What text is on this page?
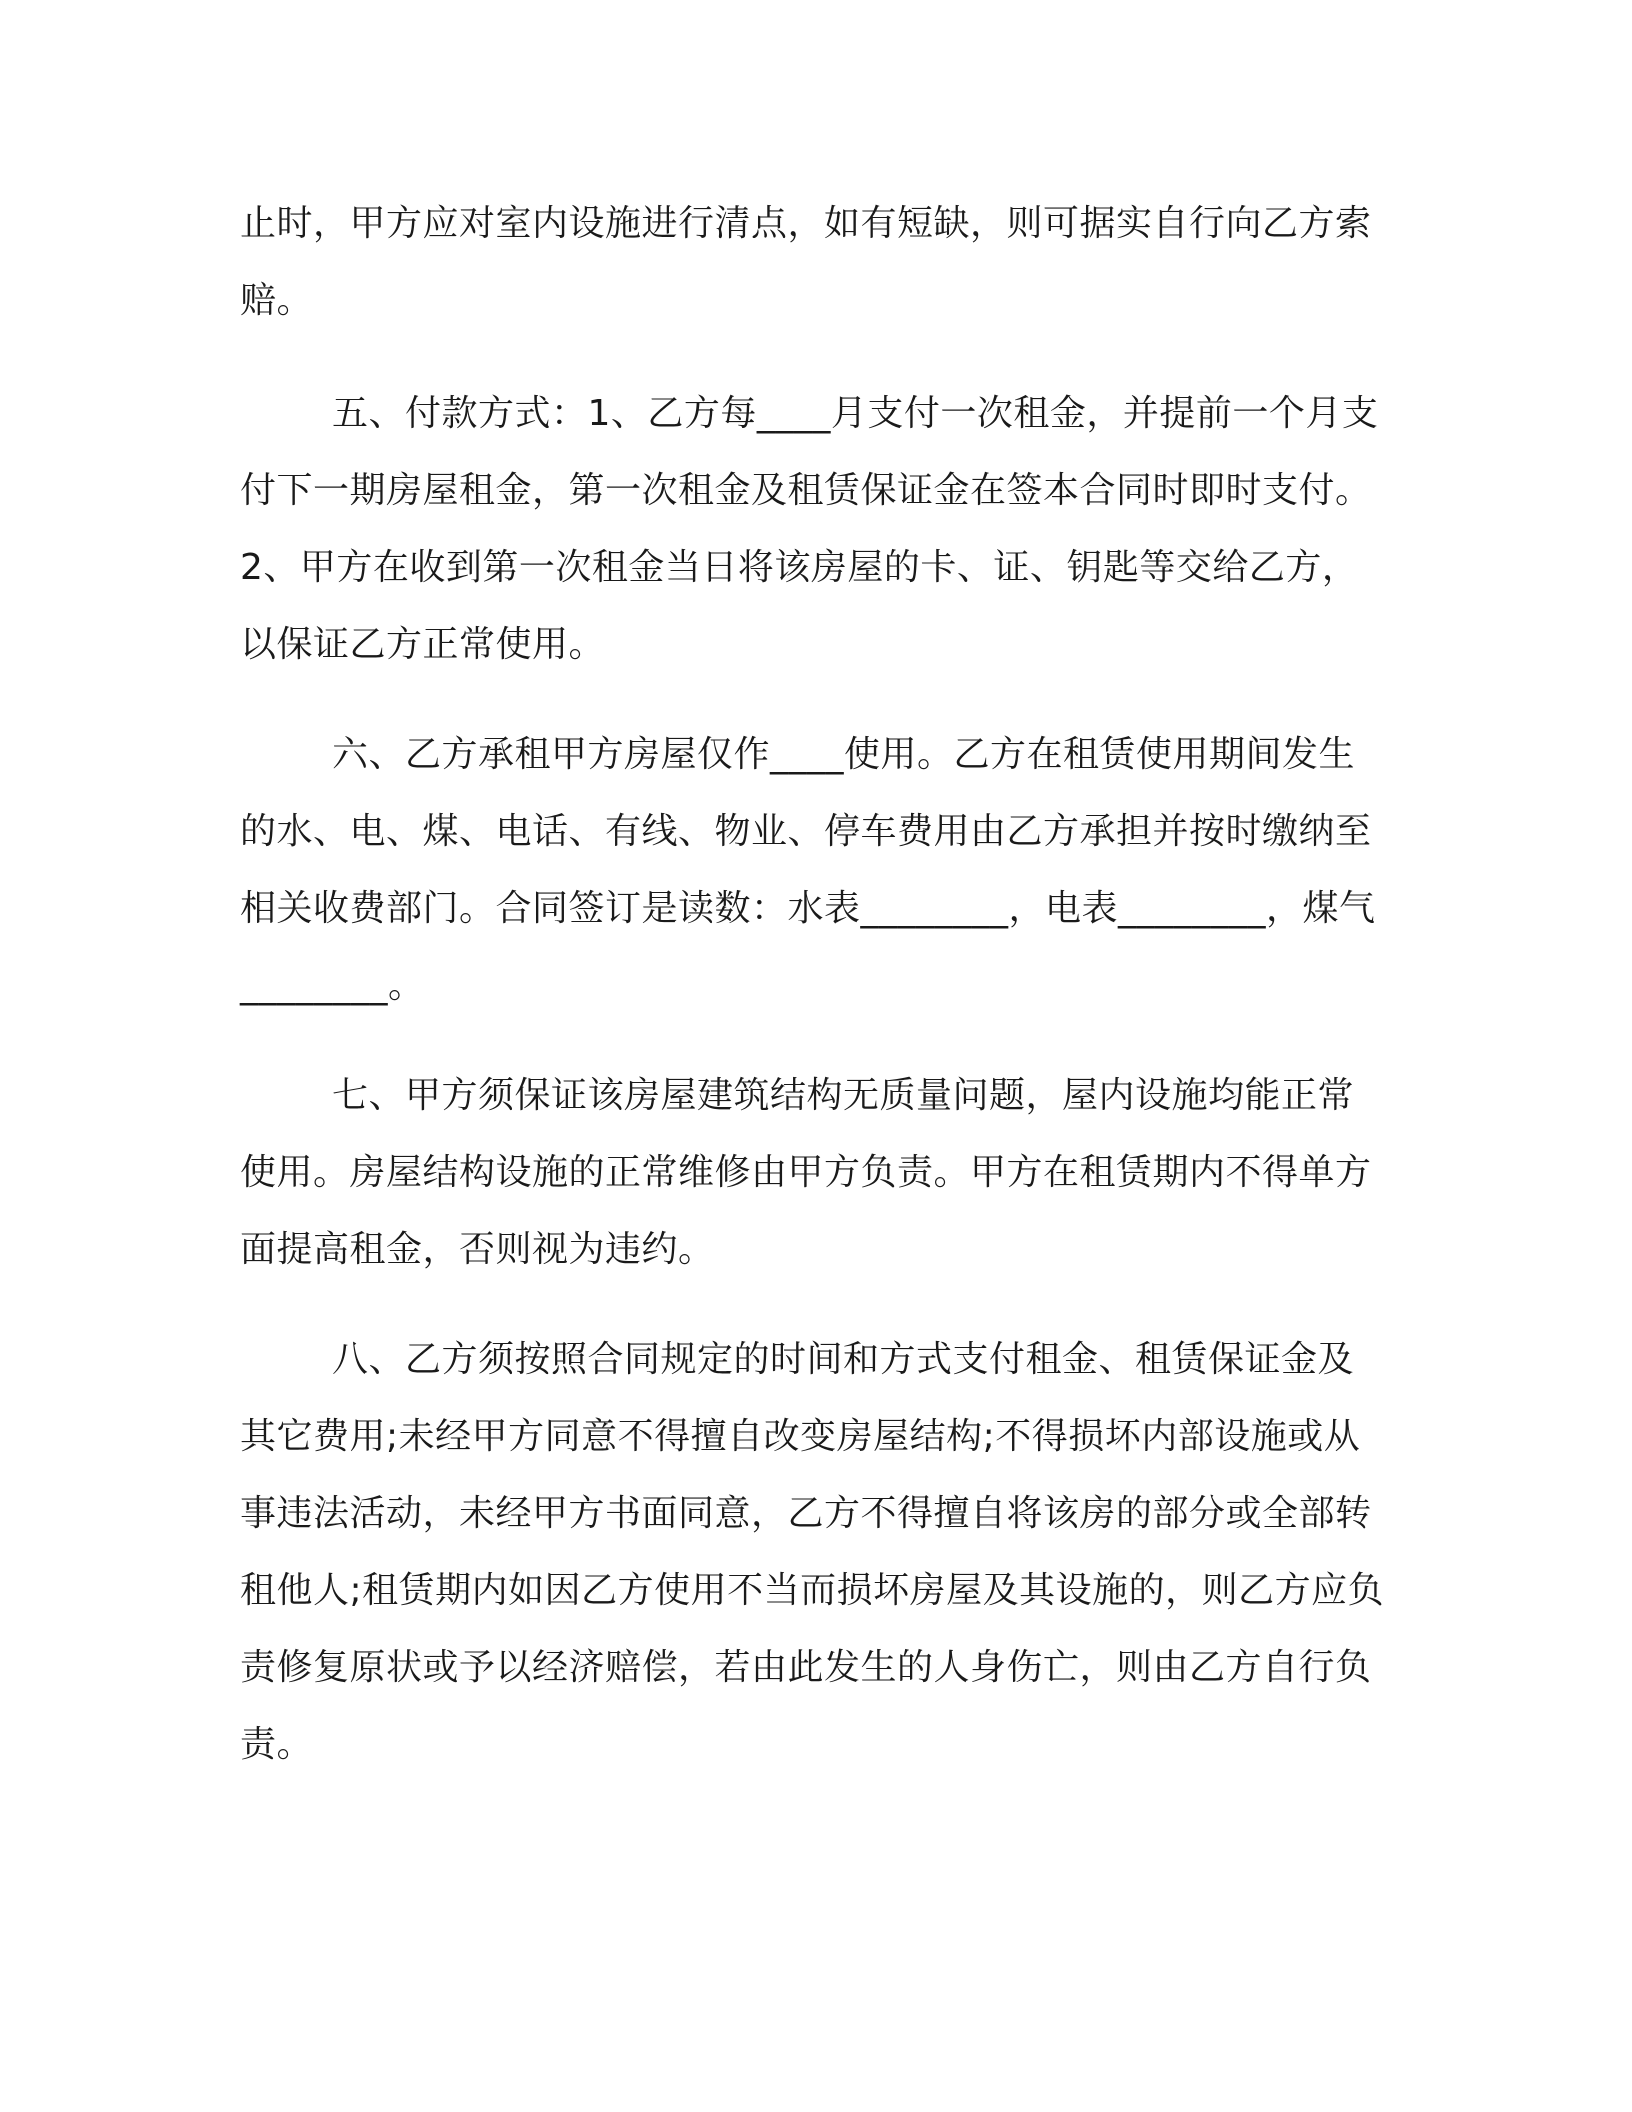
止时，甲方应对室内设施进行清点，如有短缺，则可据实自行向乙方索赔。

五、付款方式：1、乙方每____月支付一次租金，并提前一个月支付下一期房屋租金，第一次租金及租赁保证金在签本合同时即时支付。2、甲方在收到第一次租金当日将该房屋的卡、证、钥匙等交给乙方，以保证乙方正常使用。

六、乙方承租甲方房屋仅作____使用。乙方在租赁使用期间发生的水、电、煤、电话、有线、物业、停车费用由乙方承担并按时缴纳至相关收费部门。合同签订是读数：水表________，电表________，煤气________。

七、甲方须保证该房屋建筑结构无质量问题，屋内设施均能正常使用。房屋结构设施的正常维修由甲方负责。甲方在租赁期内不得单方面提高租金，否则视为违约。

八、乙方须按照合同规定的时间和方式支付租金、租赁保证金及其它费用;未经甲方同意不得擅自改变房屋结构;不得损坏内部设施或从事违法活动，未经甲方书面同意，乙方不得擅自将该房的部分或全部转租他人;租赁期内如因乙方使用不当而损坏房屋及其设施的，则乙方应负责修复原状或予以经济赔偿，若由此发生的人身伤亡，则由乙方自行负责。
